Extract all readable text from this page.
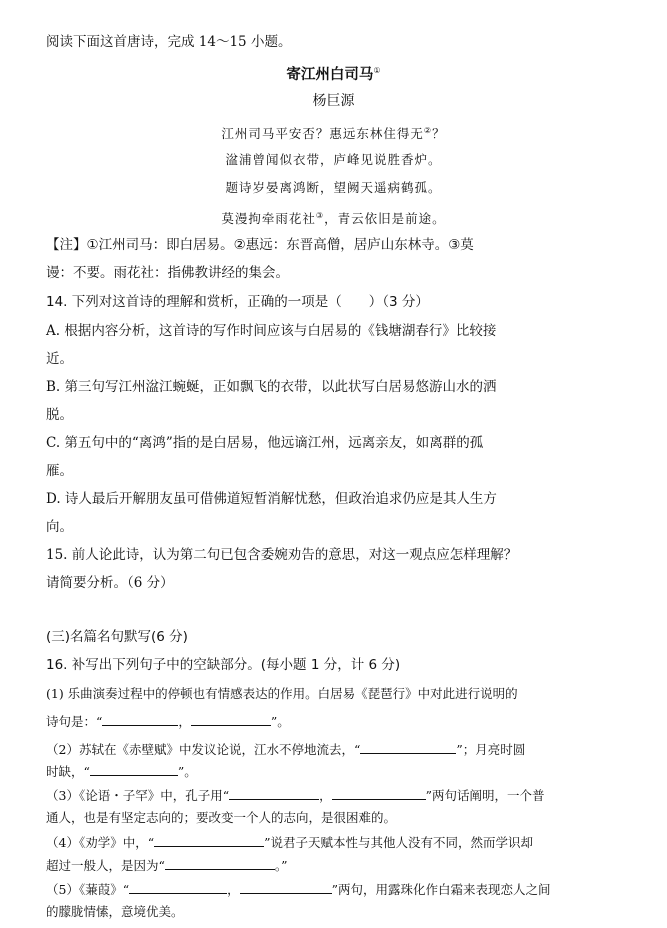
阅读下面这首唐诗，完成 14～15 小题。
寄江州白司马①
杨巨源
江州司马平安否？惠远东林住得无②？
湓浦曾闻似衣带，庐峰见说胜香炉。
题诗岁晏离鸿断，望阙天遥病鹤孤。
莫漫拘牵雨花社③，青云依旧是前途。
【注】①江州司马：即白居易。②惠远：东晋高僧，居庐山东林寺。③莫
谩：不要。雨花社：指佛教讲经的集会。
14. 下列对这首诗的理解和赏析，正确的一项是（　　）（3 分）
A. 根据内容分析，这首诗的写作时间应该与白居易的《钱塘湖春行》比较接
近。
B. 第三句写江州湓江蜿蜒，正如飘飞的衣带，以此状写白居易悠游山水的洒
脱。
C. 第五句中的“离鸿”指的是白居易，他远谪江州，远离亲友，如离群的孤
雁。
D. 诗人最后开解朋友虽可借佛道短暂消解忧愁，但政治追求仍应是其人生方
向。
15. 前人论此诗，认为第二句已包含委婉劝告的意思，对这一观点应怎样理解？
请简要分析。（6 分）
(三)名篇名句默写(6 分)
16. 补写出下列句子中的空缺部分。(每小题 1 分，计 6 分)
(1) 乐曲演奏过程中的停顿也有情感表达的作用。白居易《琵琶行》中对此进行说明的
诗句是：“	，	”。
（2）苏轼在《赤壁赋》中发议论说，江水不停地流去，“	”；月亮时圆
时缺，“	”。
（3）《论语・子罕》中，孔子用“	，	”两句话阐明，一个普
通人，也是有坚定志向的；要改变一个人的志向，是很困难的。
（4）《劝学》中，“	”说君子天赋本性与其他人没有不同，然而学识却
超过一般人，是因为“	。”
（5）《蒹葭》“	，	”两句，用露珠化作白霜来表现恋人之间
的朦胧情愫，意境优美。
